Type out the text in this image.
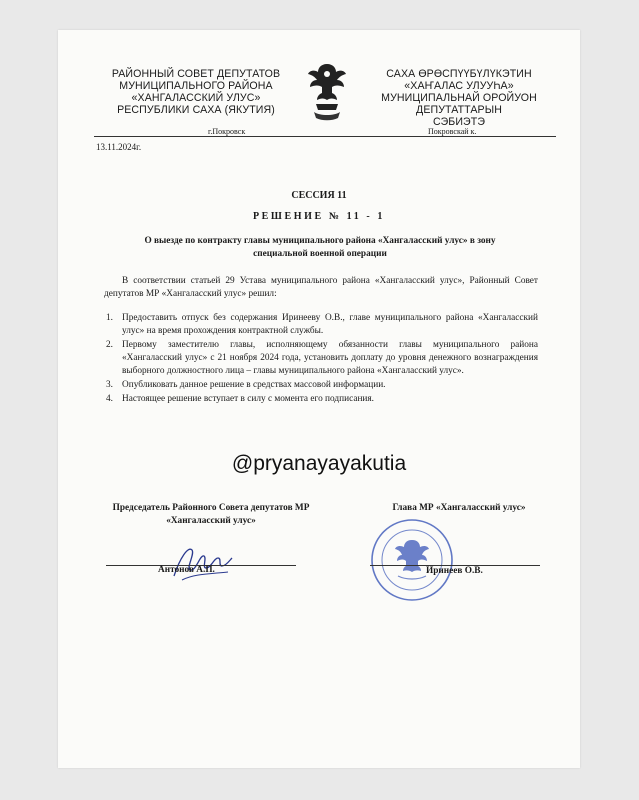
РАЙОННЫЙ СОВЕТ ДЕПУТАТОВ
МУНИЦИПАЛЬНОГО РАЙОНА
«ХАНГАЛАССКИЙ УЛУС»
РЕСПУБЛИКИ САХА (ЯКУТИЯ)
САХА ӨРӨСПҮҮБҮЛҮКЭТИН
«ХАҤАЛАС УЛУУҺА»
МУНИЦИПАЛЬНАЙ ОРОЙУОН
ДЕПУТАТТАРЫН
СЭБИЭТЭ
г.Покровск	Покровскай к.
13.11.2024г.
СЕССИЯ 11
РЕШЕНИЕ № 11 - 1
О выезде по контракту главы муниципального района «Хангаласский улус» в зону специальной военной операции
В соответствии статьей 29 Устава муниципального района «Хангаласский улус», Районный Совет депутатов МР «Хангаласский улус» решил:
1. Предоставить отпуск без содержания Иринееву О.В., главе муниципального района «Хангаласский улус» на время прохождения контрактной службы.
2. Первому заместителю главы, исполняющему обязанности главы муниципального района «Хангаласский улус» с 21 ноября 2024 года, установить доплату до уровня денежного вознаграждения выборного должностного лица – главы муниципального района «Хангаласский улус».
3. Опубликовать данное решение в средствах массовой информации.
4. Настоящее решение вступает в силу с момента его подписания.
@pryanayayakutia
Председатель Районного Совета депутатов МР «Хангаласский улус»
Глава МР «Хангаласский улус»
Антонов А.П.	Иринеев О.В.
